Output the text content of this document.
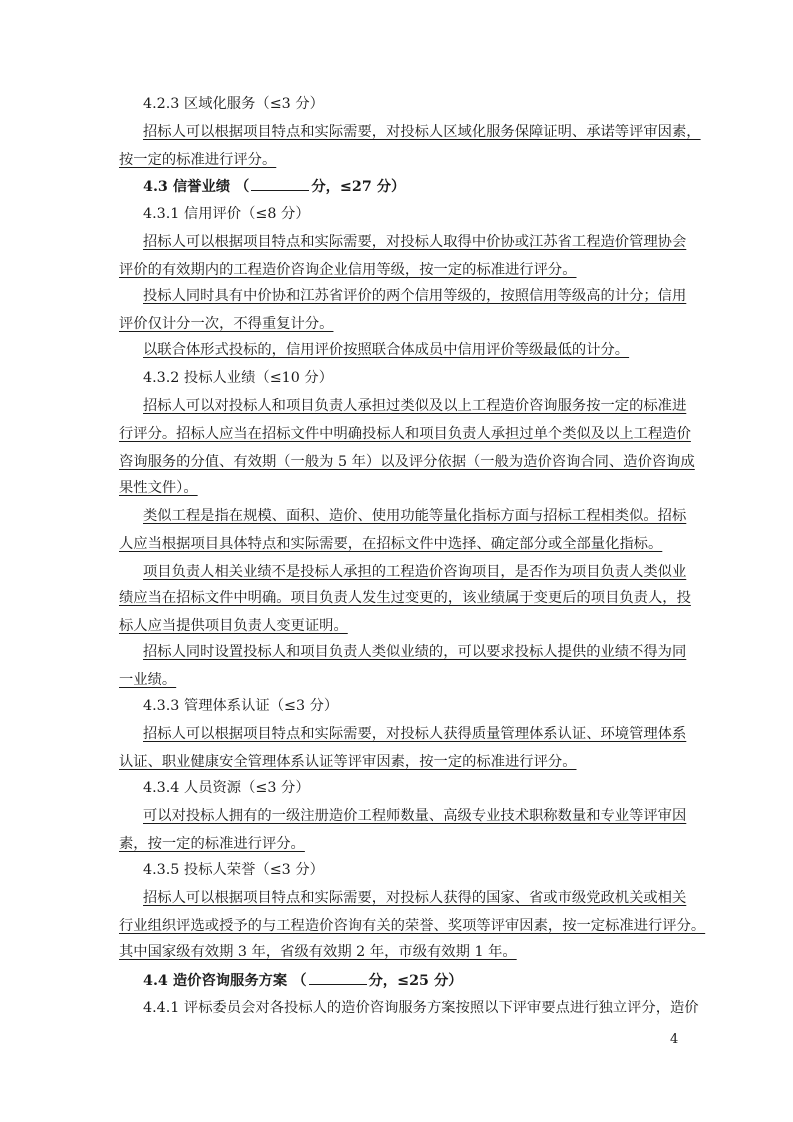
4.2.3 区域化服务（≤3 分）
招标人可以根据项目特点和实际需要，对投标人区域化服务保障证明、承诺等评审因素，
按一定的标准进行评分。
4.3 信誉业绩 （	分，≤27 分）
4.3.1 信用评价（≤8 分）
招标人可以根据项目特点和实际需要，对投标人取得中价协或江苏省工程造价管理协会
评价的有效期内的工程造价咨询企业信用等级，按一定的标准进行评分。
投标人同时具有中价协和江苏省评价的两个信用等级的，按照信用等级高的计分；信用
评价仅计分一次，不得重复计分。
以联合体形式投标的，信用评价按照联合体成员中信用评价等级最低的计分。
4.3.2 投标人业绩（≤10 分）
招标人可以对投标人和项目负责人承担过类似及以上工程造价咨询服务按一定的标准进
行评分。招标人应当在招标文件中明确投标人和项目负责人承担过单个类似及以上工程造价
咨询服务的分值、有效期（一般为 5 年）以及评分依据（一般为造价咨询合同、造价咨询成
果性文件）。
类似工程是指在规模、面积、造价、使用功能等量化指标方面与招标工程相类似。招标
人应当根据项目具体特点和实际需要，在招标文件中选择、确定部分或全部量化指标。
项目负责人相关业绩不是投标人承担的工程造价咨询项目，是否作为项目负责人类似业
绩应当在招标文件中明确。项目负责人发生过变更的，该业绩属于变更后的项目负责人，投
标人应当提供项目负责人变更证明。
招标人同时设置投标人和项目负责人类似业绩的，可以要求投标人提供的业绩不得为同
一业绩。
4.3.3 管理体系认证（≤3 分）
招标人可以根据项目特点和实际需要，对投标人获得质量管理体系认证、环境管理体系
认证、职业健康安全管理体系认证等评审因素，按一定的标准进行评分。
4.3.4 人员资源（≤3 分）
可以对投标人拥有的一级注册造价工程师数量、高级专业技术职称数量和专业等评审因
素，按一定的标准进行评分。
4.3.5 投标人荣誉（≤3 分）
招标人可以根据项目特点和实际需要，对投标人获得的国家、省或市级党政机关或相关
行业组织评选或授予的与工程造价咨询有关的荣誉、奖项等评审因素，按一定标准进行评分。
其中国家级有效期 3 年，省级有效期 2 年，市级有效期 1 年。
4.4 造价咨询服务方案 （	分，≤25 分）
4.4.1 评标委员会对各投标人的造价咨询服务方案按照以下评审要点进行独立评分，造价
4
